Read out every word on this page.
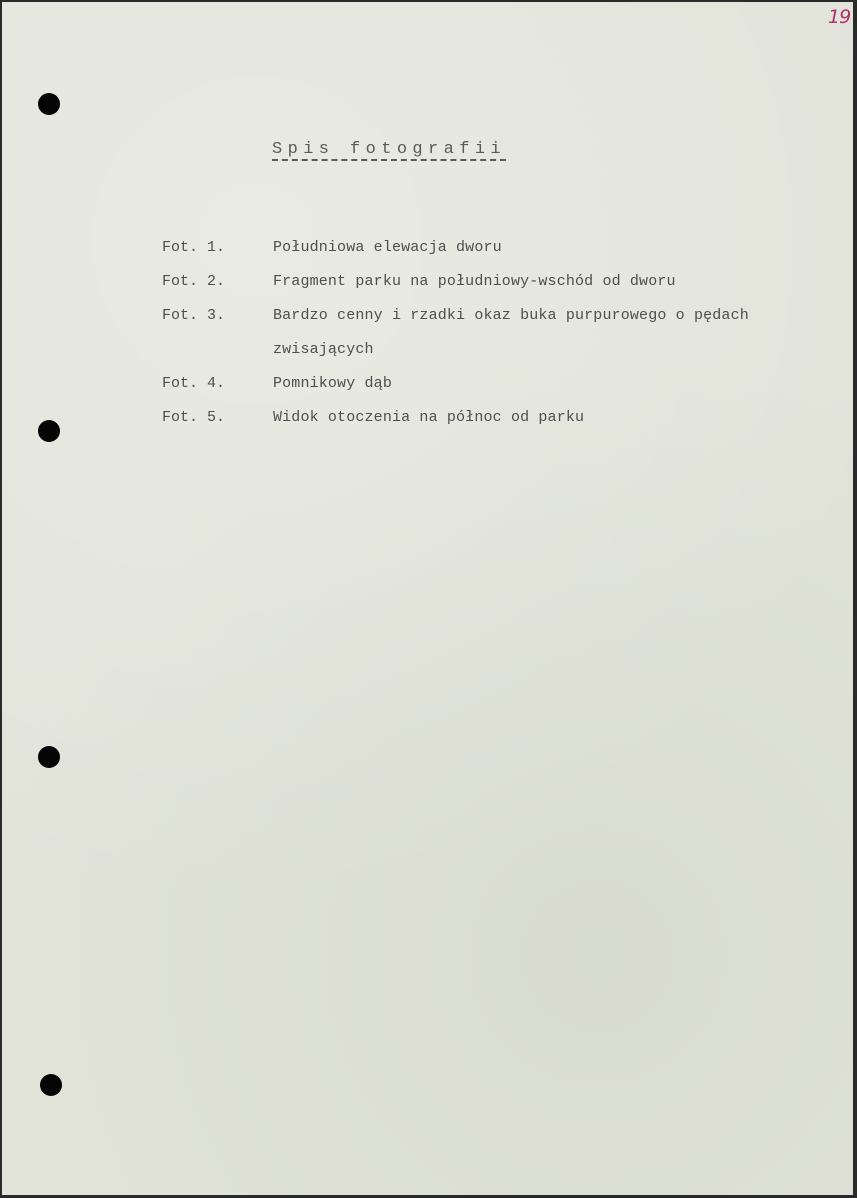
19
Spis fotografii
Fot. 1.	Południowa elewacja dworu
Fot. 2.	Fragment parku na południowy-wschód od dworu
Fot. 3.	Bardzo cenny i rzadki okaz buka purpurowego o pędach zwisających
Fot. 4.	Pomnikowy dąb
Fot. 5.	Widok otoczenia na północ od parku
